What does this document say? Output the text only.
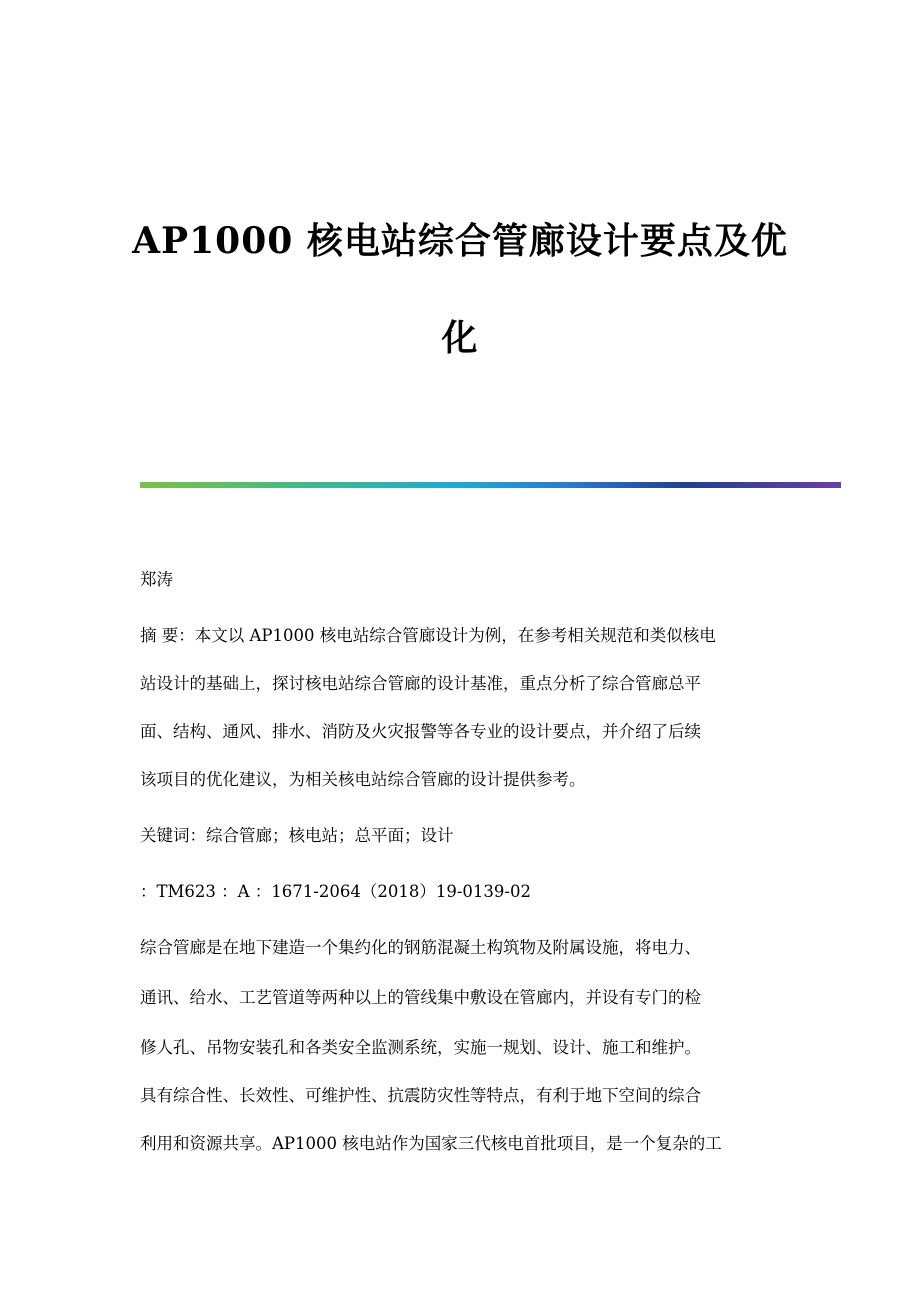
AP1000 核电站综合管廊设计要点及优
化

郑涛

摘 要：本文以 AP1000 核电站综合管廊设计为例，在参考相关规范和类似核电

站设计的基础上，探讨核电站综合管廊的设计基准，重点分析了综合管廊总平

面、结构、通风、排水、消防及火灾报警等各专业的设计要点，并介绍了后续

该项目的优化建议，为相关核电站综合管廊的设计提供参考。

关键词：综合管廊；核电站；总平面；设计

：TM623 ：A ：1671-2064（2018）19-0139-02

综合管廊是在地下建造一个集约化的钢筋混凝土构筑物及附属设施，将电力、

通讯、给水、工艺管道等两种以上的管线集中敷设在管廊内，并设有专门的检

修人孔、吊物安装孔和各类安全监测系统，实施一规划、设计、施工和维护。

具有综合性、长效性、可维护性、抗震防灾性等特点，有利于地下空间的综合

利用和资源共享。AP1000 核电站作为国家三代核电首批项目，是一个复杂的工
